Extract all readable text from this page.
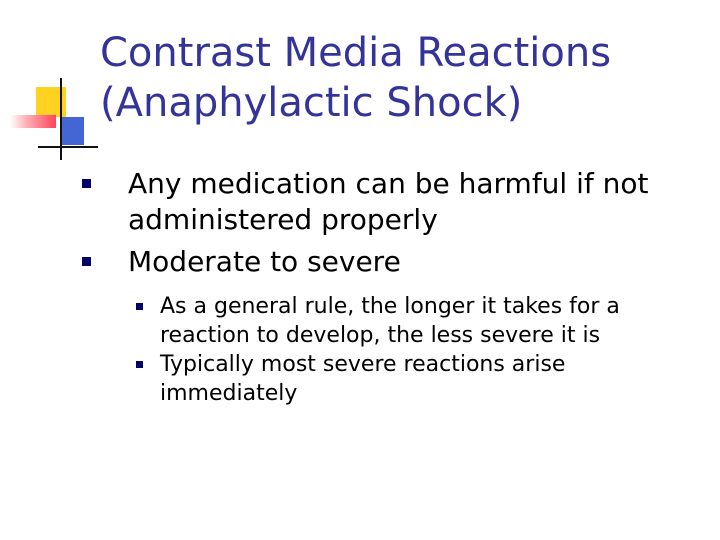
Contrast Media Reactions
(Anaphylactic Shock)
Any medication can be harmful if not administered properly
Moderate to severe
As a general rule, the longer it takes for a reaction to develop, the less severe it is
Typically most severe reactions arise immediately
